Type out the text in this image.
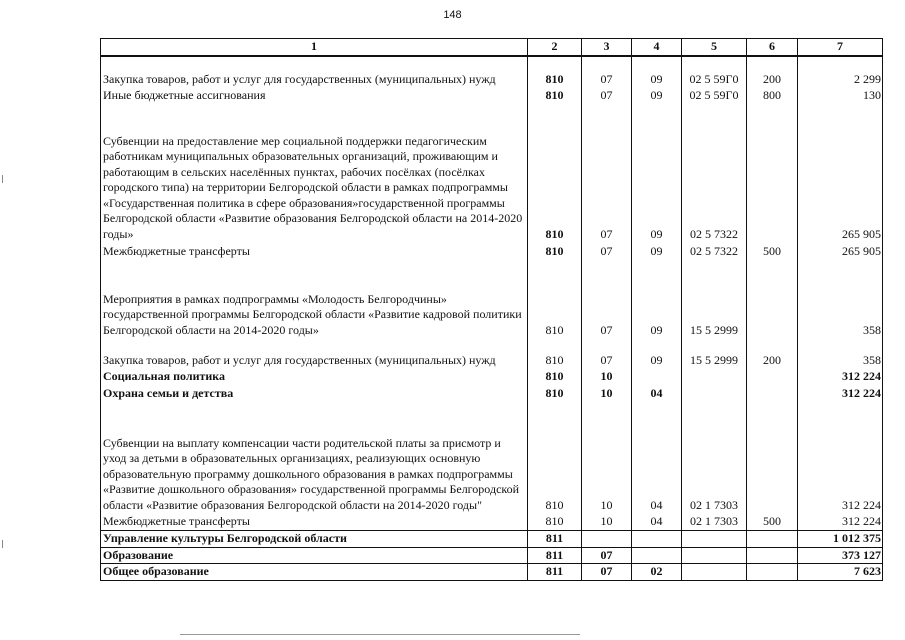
148
1	2	3	4	5	6	7
Закупка товаров, работ и услуг для государственных (муниципальных) нужд	810	07	09	02 5 59Г0	200	2 299
Иные бюджетные ассигнования	810	07	09	02 5 59Г0	800	130
Субвенции на предоставление мер социальной поддержки педагогическим работникам муниципальных образовательных организаций, проживающим и работающим в сельских населённых пунктах, рабочих посёлках (посёлках городского типа) на территории Белгородской области в рамках подпрограммы «Государственная политика в сфере образования»государственной программы Белгородской области «Развитие образования Белгородской области на 2014-2020 годы»	810	07	09	02 5 7322		265 905
Межбюджетные трансферты	810	07	09	02 5 7322	500	265 905
Мероприятия в рамках подпрограммы «Молодость Белгородчины» государственной программы Белгородской области «Развитие кадровой политики Белгородской области на 2014-2020 годы»	810	07	09	15 5 2999		358
Закупка товаров, работ и услуг для государственных (муниципальных) нужд	810	07	09	15 5 2999	200	358
Социальная политика	810	10				312 224
Охрана семьи и детства	810	10	04			312 224
Субвенции на выплату компенсации части родительской платы за присмотр и уход за детьми в образовательных организациях, реализующих основную образовательную программу дошкольного образования в рамках подпрограммы «Развитие дошкольного образования» государственной программы Белгородской области «Развитие образования Белгородской области на 2014-2020 годы"	810	10	04	02 1 7303		312 224
Межбюджетные трансферты	810	10	04	02 1 7303	500	312 224
Управление культуры Белгородской области	811					1 012 375
Образование	811	07				373 127
Общее образование	811	07	02			7 623
